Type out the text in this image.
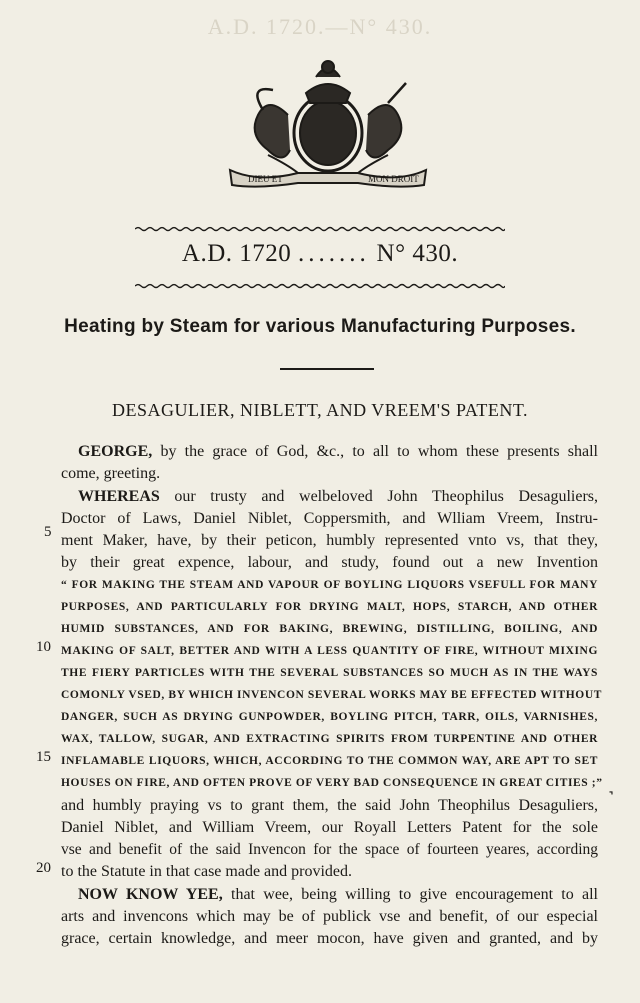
A.D. 1720.—N° 430.
DIEU ET	MON DROIT
A.D. 1720 ....... N° 430.
Heating by Steam for various Manufacturing Purposes.
DESAGULIER, NIBLETT, AND VREEM'S PATENT.
GEORGE, by the grace of God, &c., to all to whom these presents shall
come, greeting.
WHEREAS our trusty and welbeloved John Theophilus Desaguliers,
Doctor of Laws, Daniel Niblet, Coppersmith, and Wlliam Vreem, Instru-
ment Maker, have, by their peticon, humbly represented vnto vs, that they,
by their great expence, labour, and study, found out a new Invention
“ FOR MAKING THE STEAM AND VAPOUR OF BOYLING LIQUORS VSEFULL FOR MANY
PURPOSES, AND PARTICULARLY FOR DRYING MALT, HOPS, STARCH, AND OTHER
HUMID SUBSTANCES, AND FOR BAKING, BREWING, DISTILLING, BOILING, AND
MAKING OF SALT, BETTER AND WITH A LESS QUANTITY OF FIRE, WITHOUT MIXING
THE FIERY PARTICLES WITH THE SEVERAL SUBSTANCES SO MUCH AS IN THE WAYS
COMONLY VSED, BY WHICH INVENCON SEVERAL WORKS MAY BE EFFECTED WITHOUT
DANGER, SUCH AS DRYING GUNPOWDER, BOYLING PITCH, TARR, OILS, VARNISHES,
WAX, TALLOW, SUGAR, AND EXTRACTING SPIRITS FROM TURPENTINE AND OTHER
INFLAMABLE LIQUORS, WHICH, ACCORDING TO THE COMMON WAY, ARE APT TO SET
HOUSES ON FIRE, AND OFTEN PROVE OF VERY BAD CONSEQUENCE IN GREAT CITIES ;”
and humbly praying vs to grant them, the said John Theophilus Desaguliers,
Daniel Niblet, and William Vreem, our Royall Letters Patent for the sole
vse and benefit of the said Invencon for the space of fourteen yeares, according
to the Statute in that case made and provided.
NOW KNOW YEE, that wee, being willing to give encouragement to all
arts and invencons which may be of publick vse and benefit, of our especial
grace, certain knowledge, and meer mocon, have given and granted, and by
5
10
15
20
˺
